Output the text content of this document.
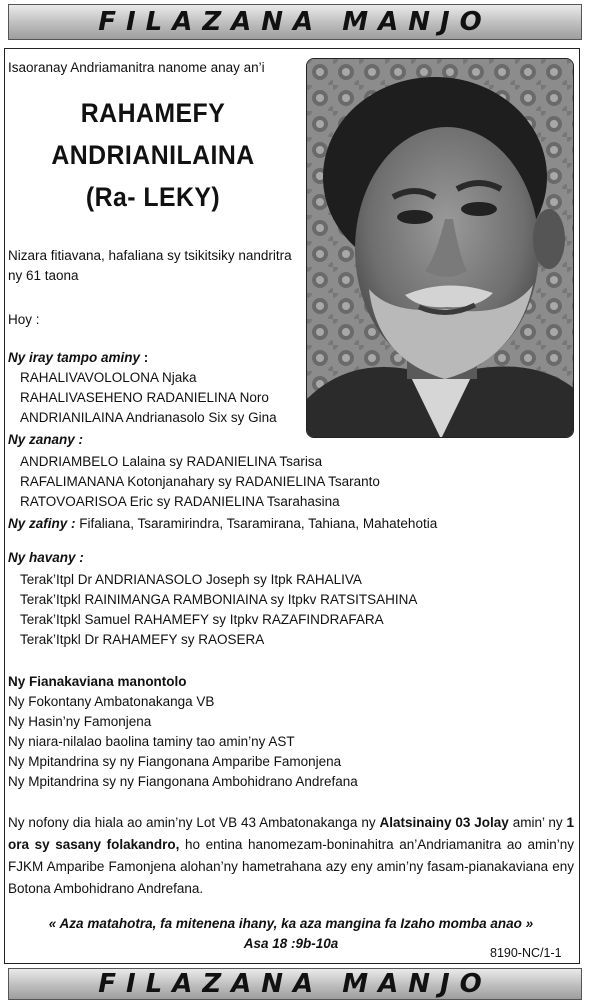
FILAZANA MANJO
Isaoranay Andriamanitra nanome anay an’i
RAHAMEFY
ANDRIANILAINA
(Ra- LEKY)
Nizara fitiavana, hafaliana sy tsikitsiky nandritra
ny 61 taona
Hoy :
Ny iray tampo aminy :
RAHALIVAVOLOLONA Njaka
RAHALIVASEHENO RADANIELINA Noro
ANDRIANILAINA Andrianasolo Six sy Gina
Ny zanany :
ANDRIAMBELO Lalaina sy RADANIELINA Tsarisa
RAFALIMANANA Kotonjanahary sy RADANIELINA Tsaranto
RATOVOARISOA Eric sy RADANIELINA Tsarahasina
Ny zafiny : Fifaliana, Tsaramirindra, Tsaramirana, Tahiana, Mahatehotia
Ny havany :
Terak’Itpl Dr ANDRIANASOLO Joseph sy Itpk RAHALIVA
Terak’Itpkl RAINIMANGA RAMBONIAINA sy Itpkv RATSITSAHINA
Terak’Itpkl Samuel RAHAMEFY sy Itpkv RAZAFINDRAFARA
Terak’Itpkl Dr RAHAMEFY sy RAOSERA
Ny Fianakaviana manontolo
Ny Fokontany Ambatonakanga VB
Ny Hasin’ny Famonjena
Ny niara-nilalao baolina taminy tao amin’ny AST
Ny Mpitandrina sy ny Fiangonana Amparibe Famonjena
Ny Mpitandrina sy ny Fiangonana Ambohidrano Andrefana
Ny nofony dia hiala ao amin’ny Lot VB 43 Ambatonakanga ny Alatsinainy 03 Jolay amin’ ny 1 ora sy sasany folakandro, ho entina hanomezam-boninahitra an’Andriamanitra ao amin’ny FJKM Amparibe Famonjena alohan’ny hametrahana azy eny amin’ny fasam-pianakaviana eny Botona Ambohidrano Andrefana.
« Aza matahotra, fa mitenena ihany, ka aza mangina fa Izaho momba anao »
Asa 18 :9b-10a
8190-NC/1-1
FILAZANA MANJO
